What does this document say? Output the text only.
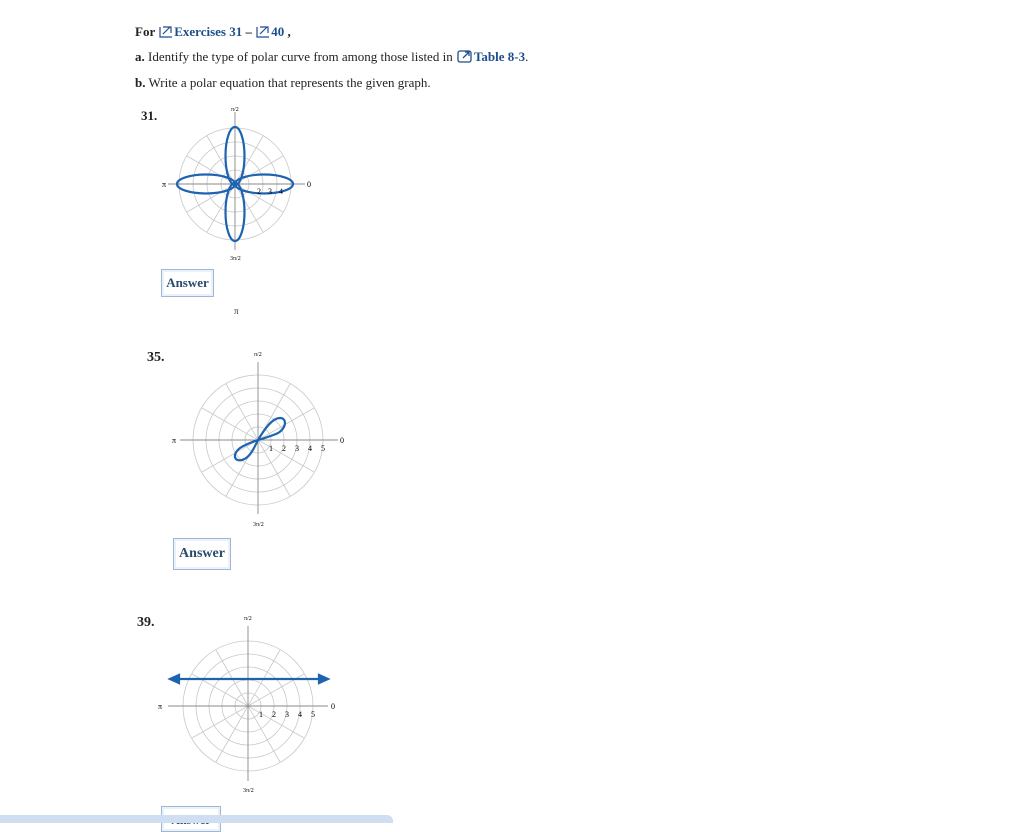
For Exercises 31 – 40 ,
a. Identify the type of polar curve from among those listed in Table 8-3.
b. Write a polar equation that represents the given graph.
31.	π/2
π	0
3π/2
2 3 4
Answer
π
35.	π/2
π	0
3π/2
1 2 3 4 5
Answer
39.	π/2
π	0
3π/2
1 2 3 4 5
